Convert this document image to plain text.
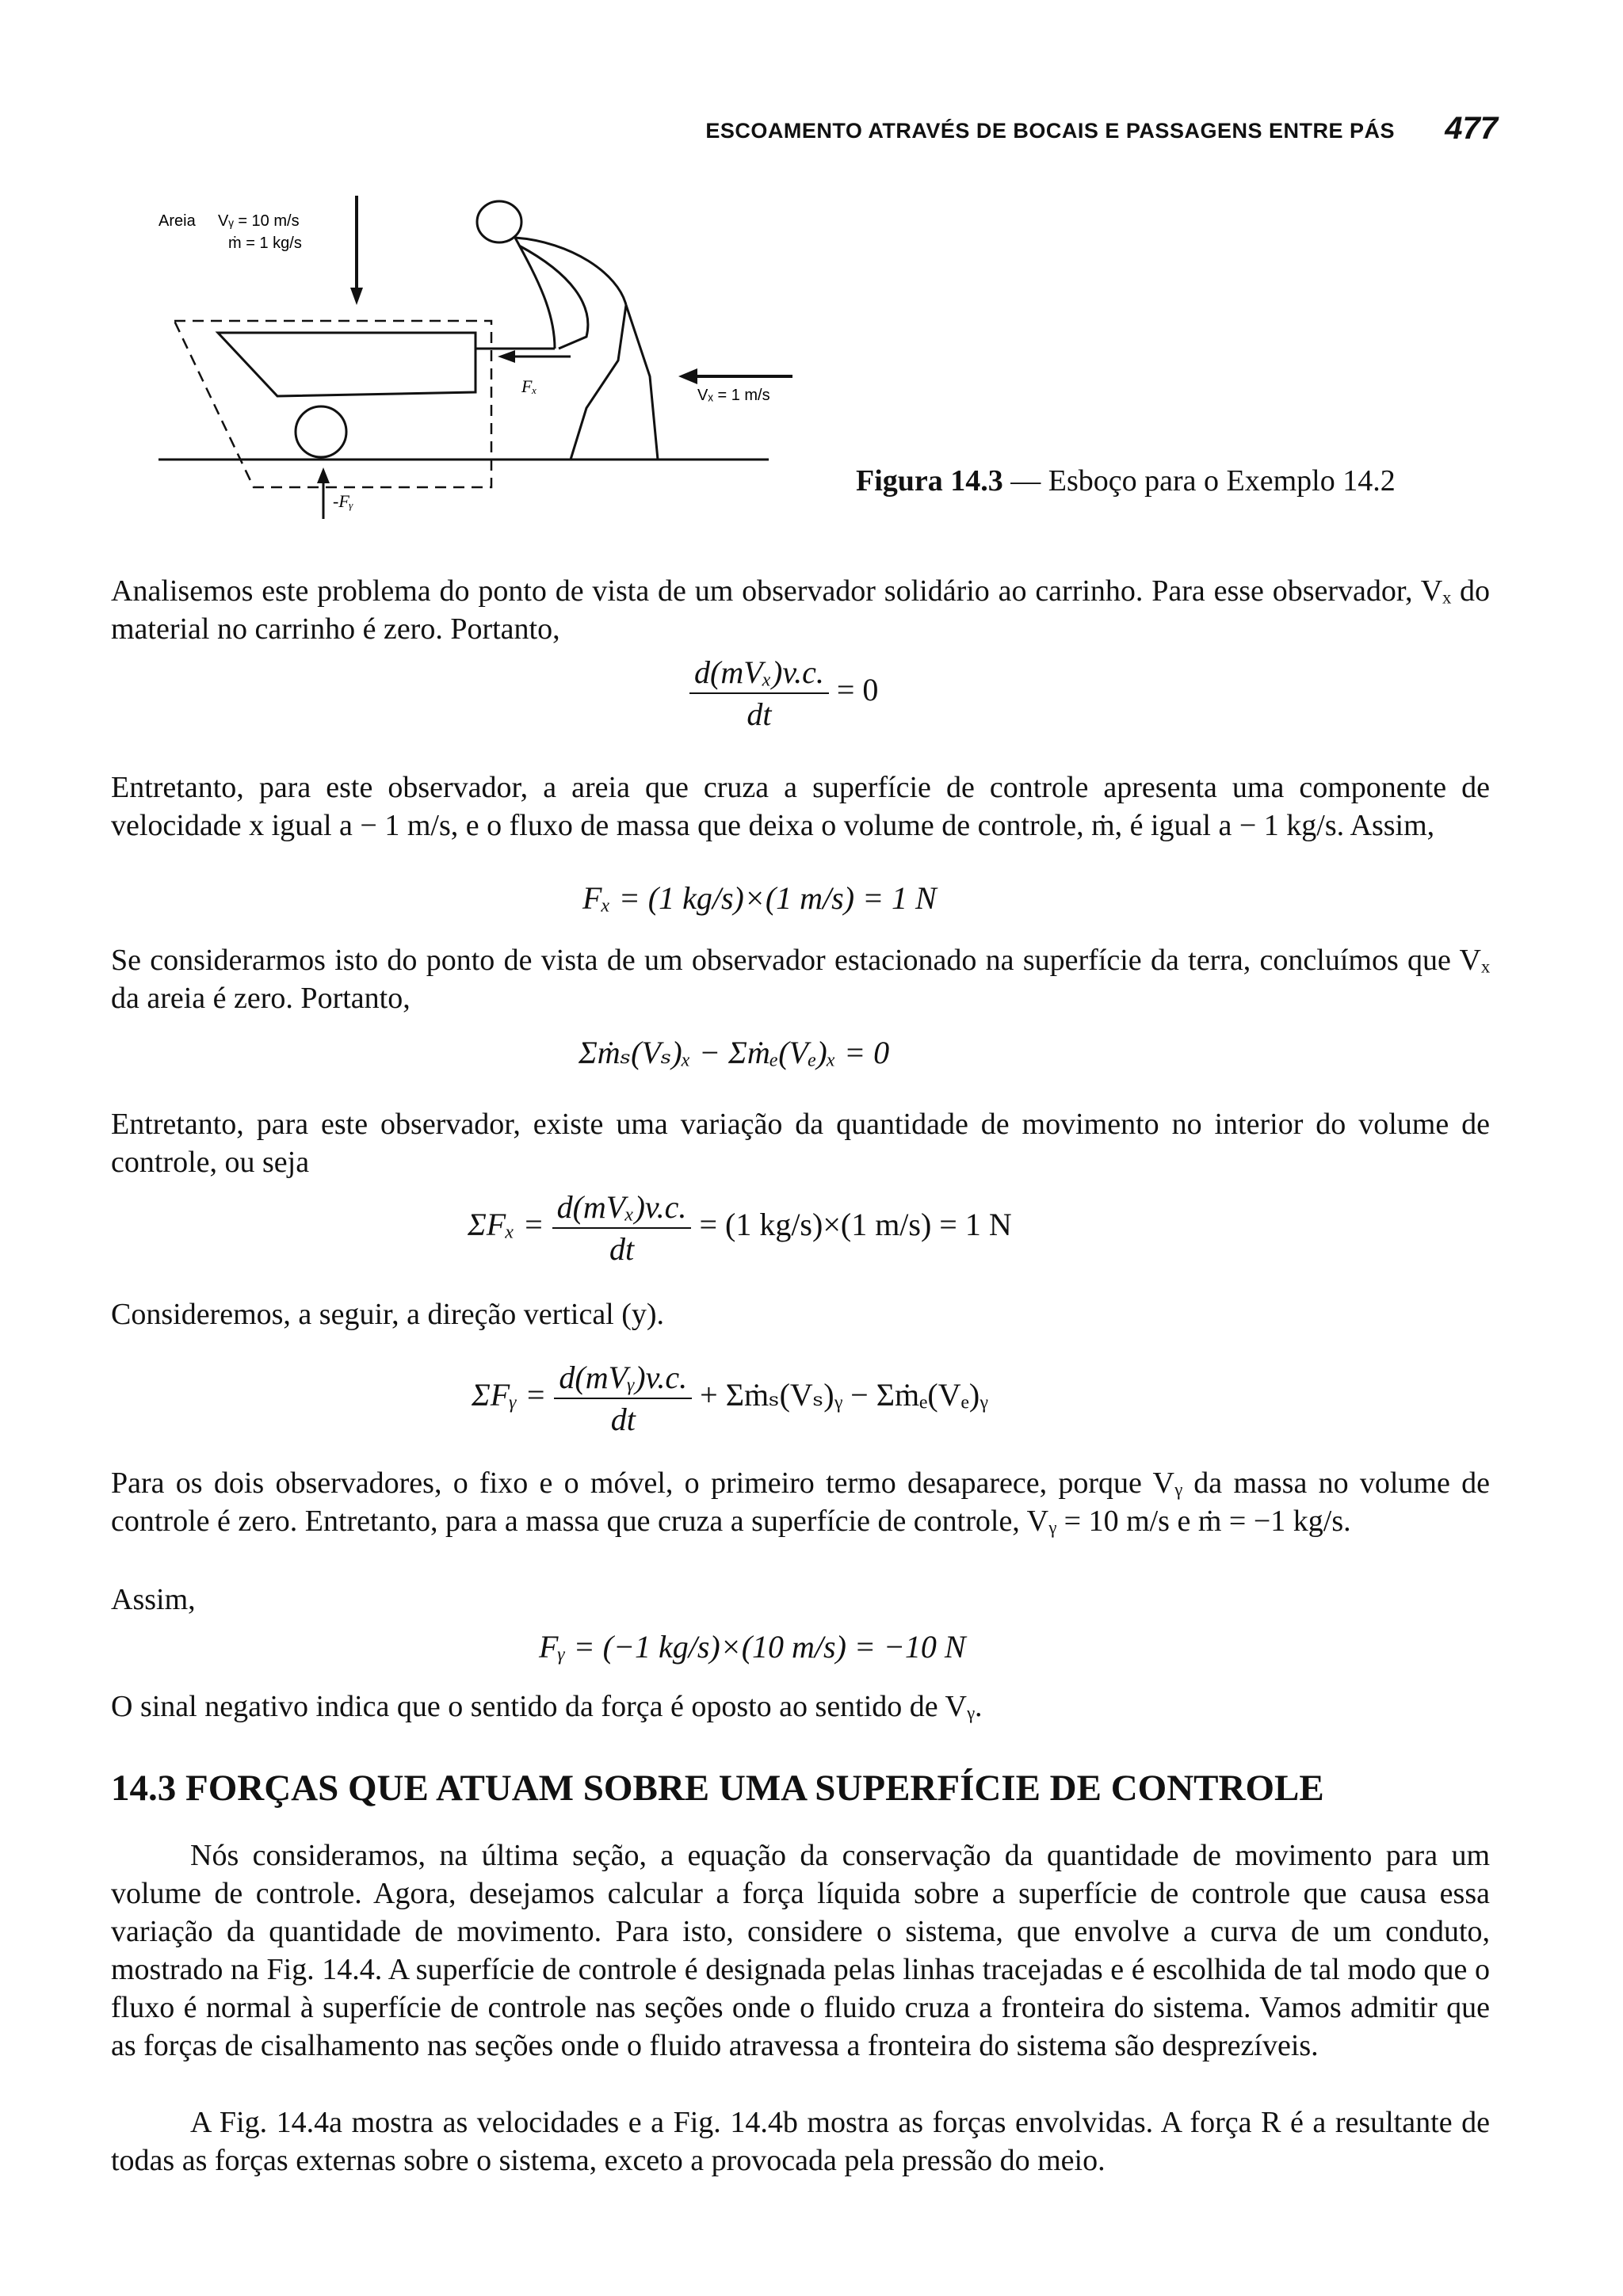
ESCOAMENTO ATRAVÉS DE BOCAIS E PASSAGENS ENTRE PÁS 477
Areia Vᵧ = 10 m/s
ṁ = 1 kg/s
Fₓ	Vₓ = 1 m/s
-Fᵧ
Figura 14.3 — Esboço para o Exemplo 14.2
Analisemos este problema do ponto de vista de um observador solidário ao carrinho. Para esse observador, Vₓ do material no carrinho é zero. Portanto,
$\frac{\text{d(mVₓ)v.c.}}{dt} = 0$
Entretanto, para este observador, a areia que cruza a superfície de controle apresenta uma componente de velocidade x igual a − 1 m/s, e o fluxo de massa que deixa o volume de controle, ṁ, é igual a − 1 kg/s. Assim,
Fₓ = (1 kg/s)×(1 m/s) = 1 N
Se considerarmos isto do ponto de vista de um observador estacionado na superfície da terra, concluímos que Vₓ da areia é zero. Portanto,
Σṁₛ(Vₛ)ₓ − Σṁₑ(Vₑ)ₓ = 0
Entretanto, para este observador, existe uma variação da quantidade de movimento no interior do volume de controle, ou seja
$\Sigma F_x = \frac{\text{d(mVₓ)v.c.}}{dt} = (1$ kg/s)×(1 m/s) = 1 N
Consideremos, a seguir, a direção vertical (y).
ΣFᵧ = $\frac{\text{d(mVᵧ)v.c.}}{dt}$ + Σṁₛ(Vₛ)ᵧ − Σṁₑ(Vₑ)ᵧ
Para os dois observadores, o fixo e o móvel, o primeiro termo desaparece, porque Vᵧ da massa no volume de controle é zero. Entretanto, para a massa que cruza a superfície de controle, Vᵧ = 10 m/s e ṁ = −1 kg/s.
Assim,
Fᵧ = (−1 kg/s)×(10 m/s) = −10 N
O sinal negativo indica que o sentido da força é oposto ao sentido de Vᵧ.
14.3 FORÇAS QUE ATUAM SOBRE UMA SUPERFÍCIE DE CONTROLE
Nós consideramos, na última seção, a equação da conservação da quantidade de movimento para um volume de controle. Agora, desejamos calcular a força líquida sobre a superfície de controle que causa essa variação da quantidade de movimento. Para isto, considere o sistema, que envolve a curva de um conduto, mostrado na Fig. 14.4. A superfície de controle é designada pelas linhas tracejadas e é escolhida de tal modo que o fluxo é normal à superfície de controle nas seções onde o fluido cruza a fronteira do sistema. Vamos admitir que as forças de cisalhamento nas seções onde o fluido atravessa a fronteira do sistema são desprezíveis.
A Fig. 14.4a mostra as velocidades e a Fig. 14.4b mostra as forças envolvidas. A força R é a resultante de todas as forças externas sobre o sistema, exceto a provocada pela pressão do meio.
